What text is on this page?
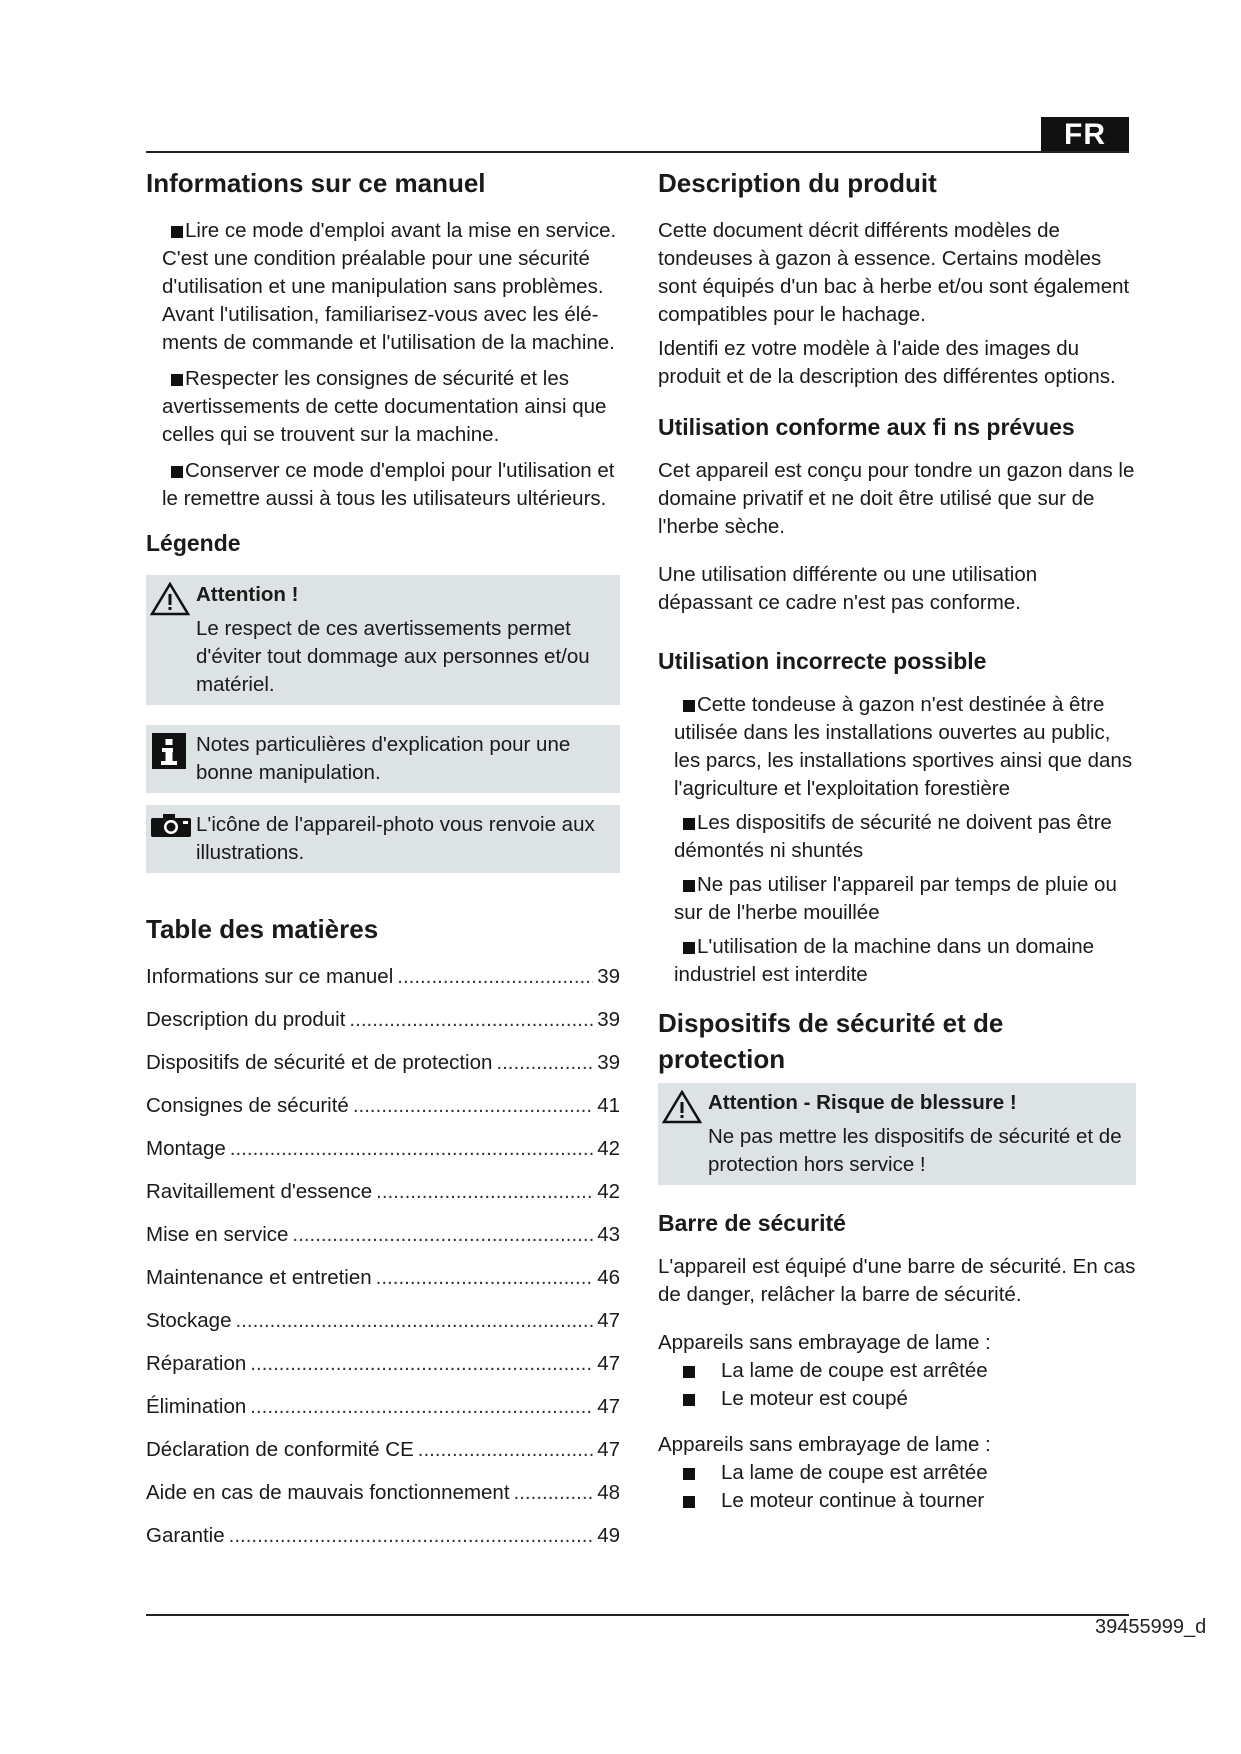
FR
Informations sur ce manuel
Lire ce mode d'emploi avant la mise en service. C'est une condition préalable pour une sécurité d'utilisation et une manipulation sans problèmes. Avant l'utilisation, familiarisez-vous avec les élé-ments de commande et l'utilisation de la machine.
Respecter les consignes de sécurité et les avertissements de cette documentation ainsi que celles qui se trouvent sur la machine.
Conserver ce mode d'emploi pour l'utilisation et le remettre aussi à tous les utilisateurs ultérieurs.
Légende
Attention !
Le respect de ces avertissements permet d'éviter tout dommage aux personnes et/ou matériel.
Notes particulières d'explication pour une bonne manipulation.
L'icône de l'appareil-photo vous renvoie aux illustrations.
Table des matières
Informations sur ce manuel .....	39
Description du produit .....	39
Dispositifs de sécurité et de protection .....	39
Consignes de sécurité .....	41
Montage .....	42
Ravitaillement d'essence .....	42
Mise en service .....	43
Maintenance et entretien .....	46
Stockage .....	47
Réparation .....	47
Élimination .....	47
Déclaration de conformité CE .....	47
Aide en cas de mauvais fonctionnement .....	48
Garantie .....	49
Description du produit

Cette document décrit différents modèles de tondeuses à gazon à essence. Certains modèles sont équipés d'un bac à herbe et/ou sont également compatibles pour le hachage.

Identifi ez votre modèle à l'aide des images du produit et de la description des différentes options.

Utilisation conforme aux fi ns prévues

Cet appareil est conçu pour tondre un gazon dans le domaine privatif et ne doit être utilisé que sur de l'herbe sèche.

Une utilisation différente ou une utilisation dépassant ce cadre n'est pas conforme.

Utilisation incorrecte possible
Cette tondeuse à gazon n'est destinée à être utilisée dans les installations ouvertes au public, les parcs, les installations sportives ainsi que dans l'agriculture et l'exploitation forestière
Les dispositifs de sécurité ne doivent pas être démontés ni shuntés
Ne pas utiliser l'appareil par temps de pluie ou sur de l'herbe mouillée
L'utilisation de la machine dans un domaine industriel est interdite
Dispositifs de sécurité et de protection
Attention - Risque de blessure !
Ne pas mettre les dispositifs de sécurité et de protection hors service !
Barre de sécurité

L'appareil est équipé d'une barre de sécurité. En cas de danger, relâcher la barre de sécurité.

Appareils sans embrayage de lame :

La lame de coupe est arrêtée
Le moteur est coupé

Appareils sans embrayage de lame :

La lame de coupe est arrêtée
Le moteur continue à tourner
39455999_d
